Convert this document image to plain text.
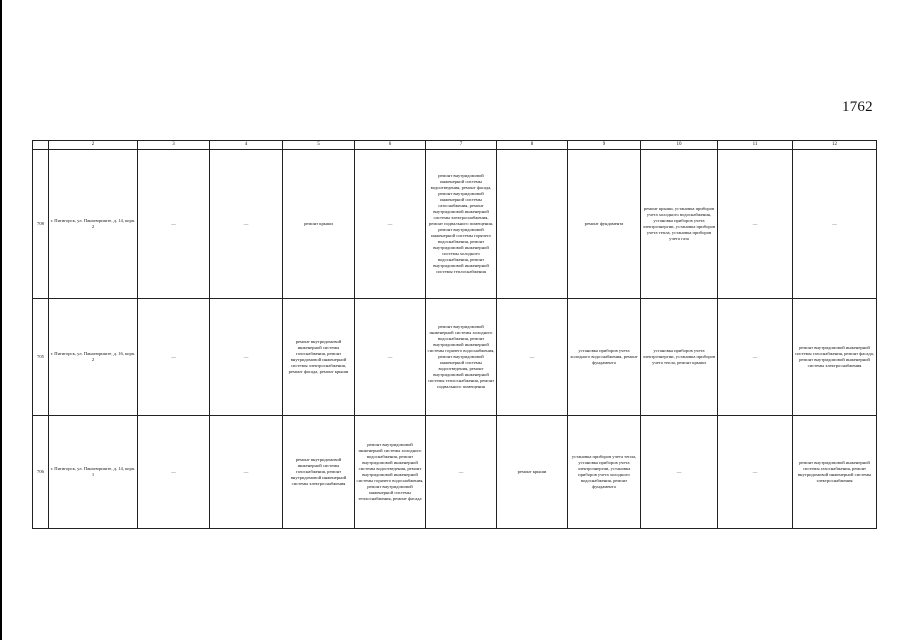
1762
	2	3	4	5	6	7	8	9	10	11	12
708	г. Пятигорск, ул. Панагюриште, д. 14, корп. 2	—	—	ремонт крыши	—	ремонт внутридомовой инженерной системы водоотведения, ремонт фасада, ремонт внутридомовой инженерной системы газоснабжения, ремонт внутридомовой инженерной системы электроснабжения, ремонт подвального помещения, ремонт внутридомовой инженерной системы горячего водоснабжения, ремонт внутридомовой инженерной системы холодного водоснабжения, ремонт внутридомовой инженерной системы теплоснабжения		ремонт фундамента	ремонт крыши, установка приборов учета холодного водоснабжения, установка приборов учета электроэнергии, установка приборов учета тепла, установка приборов учета газа	—	—
705	г. Пятигорск, ул. Панагюриште, д. 16, корп. 2	—	—	ремонт внутридомовой инженерной системы газоснабжения, ремонт внутридомовой инженерной системы электроснабжения, ремонт фасада, ремонт крыши	—	ремонт внутридомовой инженерной системы холодного водоснабжения, ремонт внутридомовой инженерной системы горячего водоснабжения, ремонт внутридомовой инженерной системы водоотведения, ремонт внутридомовой инженерной системы теплоснабжения, ремонт подвального помещения	—	установка приборов учета холодного водоснабжения, ремонт фундамента	установка приборов учета электроэнергии, установка приборов учета тепла, ремонт крыши	—	ремонт внутридомовой инженерной системы газоснабжения, ремонт фасада, ремонт внутридомовой инженерной системы электроснабжения
706	г. Пятигорск, ул. Панагюриште, д. 14, корп. 1	—	—	ремонт внутридомовой инженерной системы газоснабжения, ремонт внутридомовой инженерной системы электроснабжения	ремонт внутридомовой инженерной системы холодного водоснабжения, ремонт внутридомовой инженерной системы водоотведения, ремонт внутридомовой инженерной системы горячего водоснабжения, ремонт внутридомовой инженерной системы теплоснабжения, ремонт фасада	—	ремонт крыши	установка приборов учета тепла, установка приборов учета электроэнергии, установка приборов учета холодного водоснабжения, ремонт фундамента	—	—	ремонт внутридомовой инженерной системы газоснабжения, ремонт внутридомовой инженерной системы электроснабжения
